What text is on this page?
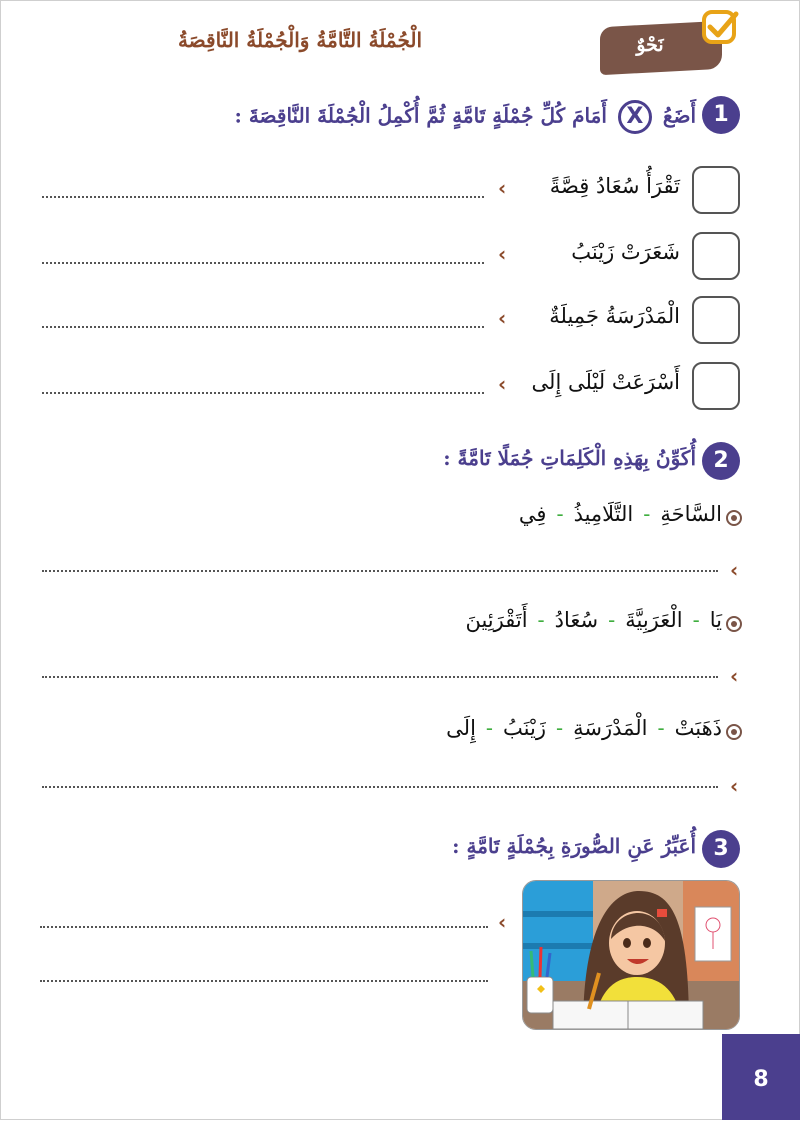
الْجُمْلَةُ التَّامَّةُ وَالْجُمْلَةُ النَّاقِصَةُ	نَحْوٌ
1
أَضَعُ X أَمَامَ كُلِّ جُمْلَةٍ تَامَّةٍ ثُمَّ أُكْمِلُ الْجُمْلَةَ النَّاقِصَةَ :
تَقْرَأُ سُعَادُ قِصَّةً
‹
شَعَرَتْ زَيْنَبُ
‹
الْمَدْرَسَةُ جَمِيلَةٌ
‹
أَسْرَعَتْ لَيْلَى إِلَى
‹
2
أُكَوِّنُ بِهَذِهِ الْكَلِمَاتِ جُمَلًا تَامَّةً :
السَّاحَةِ-التَّلَامِيذُ-فِي
‹
يَا-الْعَرَبِيَّةَ-سُعَادُ-أَتَقْرَئِينَ
‹
ذَهَبَتْ-الْمَدْرَسَةِ-زَيْنَبُ-إِلَى
‹
3
أُعَبِّرُ عَنِ الصُّورَةِ بِجُمْلَةٍ تَامَّةٍ :
‹
8
